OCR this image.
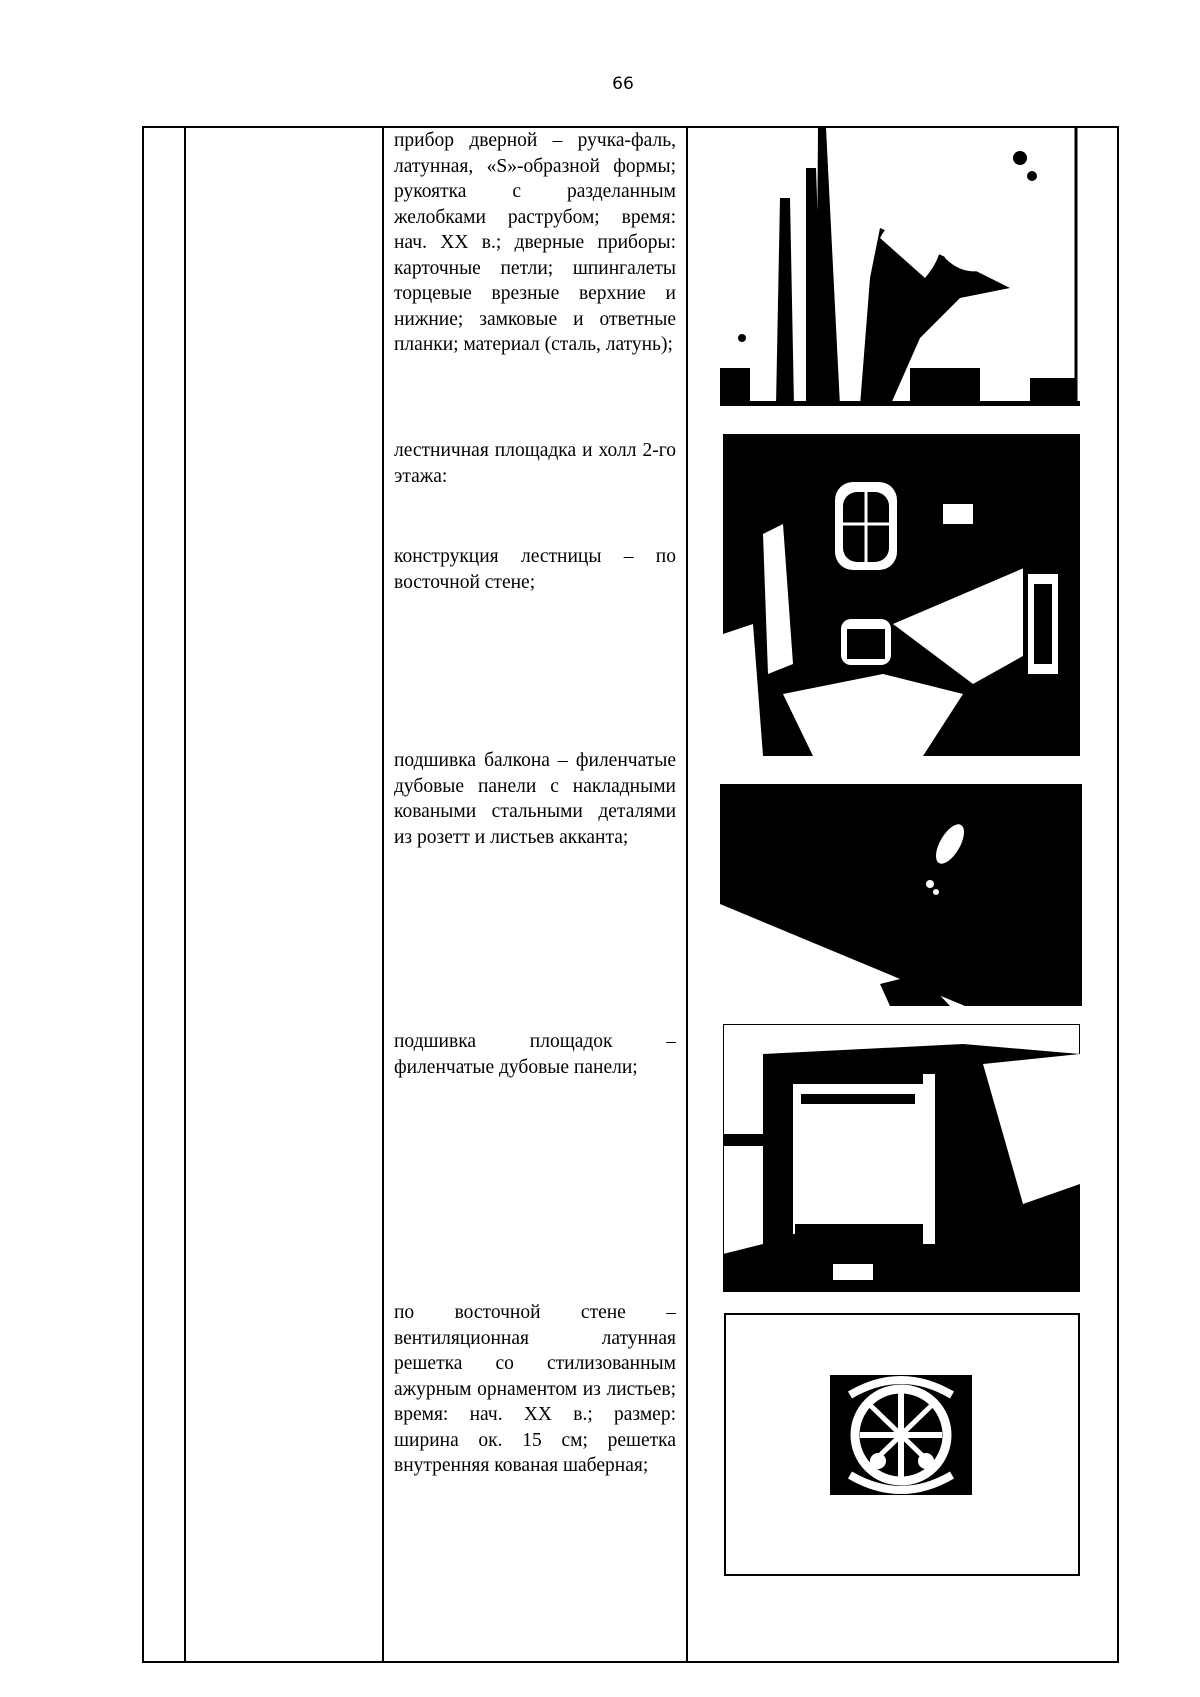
66
прибор дверной – ручка-фаль, латунная, «S»-образной формы; рукоятка с разделанным желобками раструбом; время: нач. XX в.; дверные приборы: карточные петли; шпингалеты торцевые врезные верхние и нижние; замковые и ответные планки; материал (сталь, латунь);
лестничная площадка и холл 2-го этажа:
конструкция лестницы – по восточной стене;
подшивка балкона – филенчатые дубовые панели с накладными коваными стальными деталями из розетт и листьев акканта;
подшивка площадок – филенчатые дубовые панели;
по восточной стене – вентиляционная латунная решетка со стилизованным ажурным орнаментом из листьев; время: нач. XX в.; размер: ширина ок. 15 см; решетка внутренняя кованая шаберная;
